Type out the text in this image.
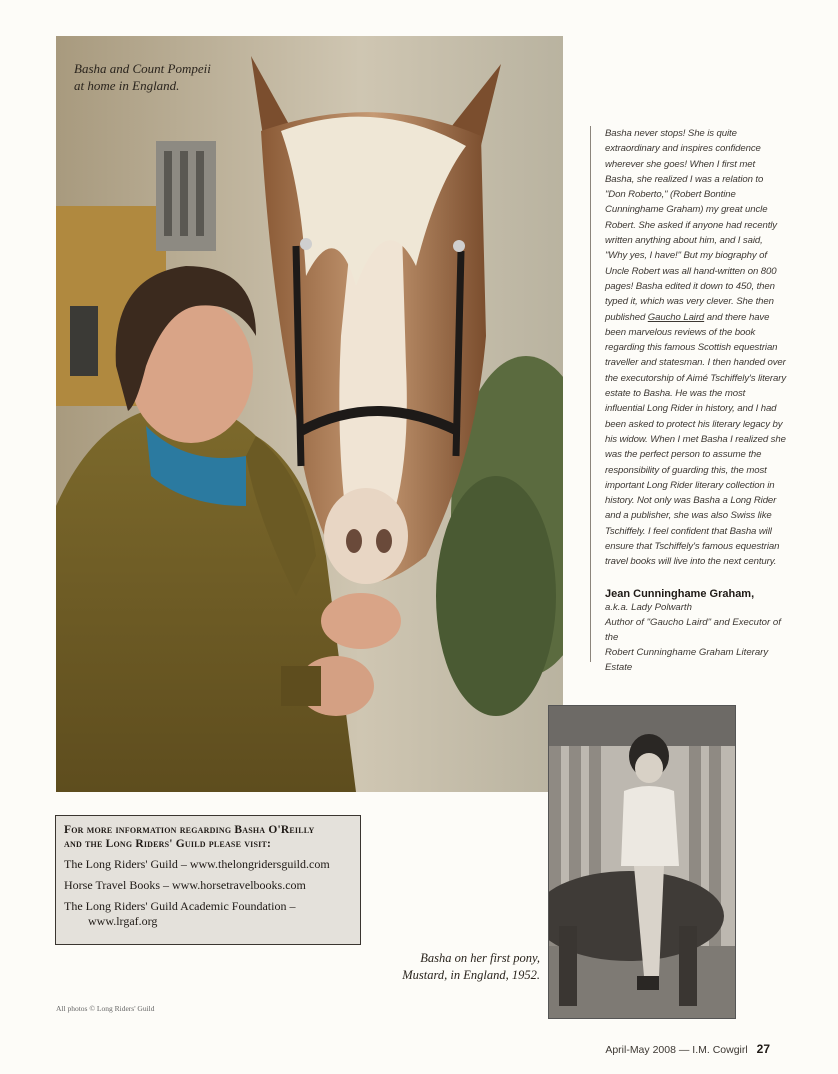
Basha and Count Pompeii
at home in England.
Basha never stops! She is quite extraordinary and inspires confidence wherever she goes! When I first met Basha, she realized I was a relation to "Don Roberto," (Robert Bontine Cunninghame Graham) my great uncle Robert. She asked if anyone had recently written anything about him, and I said, "Why yes, I have!" But my biography of Uncle Robert was all hand-written on 800 pages! Basha edited it down to 450, then typed it, which was very clever. She then published Gaucho Laird and there have been marvelous reviews of the book regarding this famous Scottish equestrian traveller and statesman. I then handed over the executorship of Aimé Tschiffely's literary estate to Basha. He was the most influential Long Rider in history, and I had been asked to protect his literary legacy by his widow. When I met Basha I realized she was the perfect person to assume the responsibility of guarding this, the most important Long Rider literary collection in history. Not only was Basha a Long Rider and a publisher, she was also Swiss like Tschiffely. I feel confident that Basha will ensure that Tschiffely's famous equestrian travel books will live into the next century.
Jean Cunninghame Graham,
a.k.a. Lady Polwarth
Author of "Gaucho Laird" and Executor of the
Robert Cunninghame Graham Literary Estate
For more information regarding Basha O'Reilly
and the Long Riders' Guild please visit:
The Long Riders' Guild – www.thelongridersguild.com
Horse Travel Books – www.horsetravelbooks.com
The Long Riders' Guild Academic Foundation –
www.lrgaf.org
Basha on her first pony,
Mustard, in England, 1952.
All photos © Long Riders' Guild
April-May 2008 — I.M. Cowgirl 27
